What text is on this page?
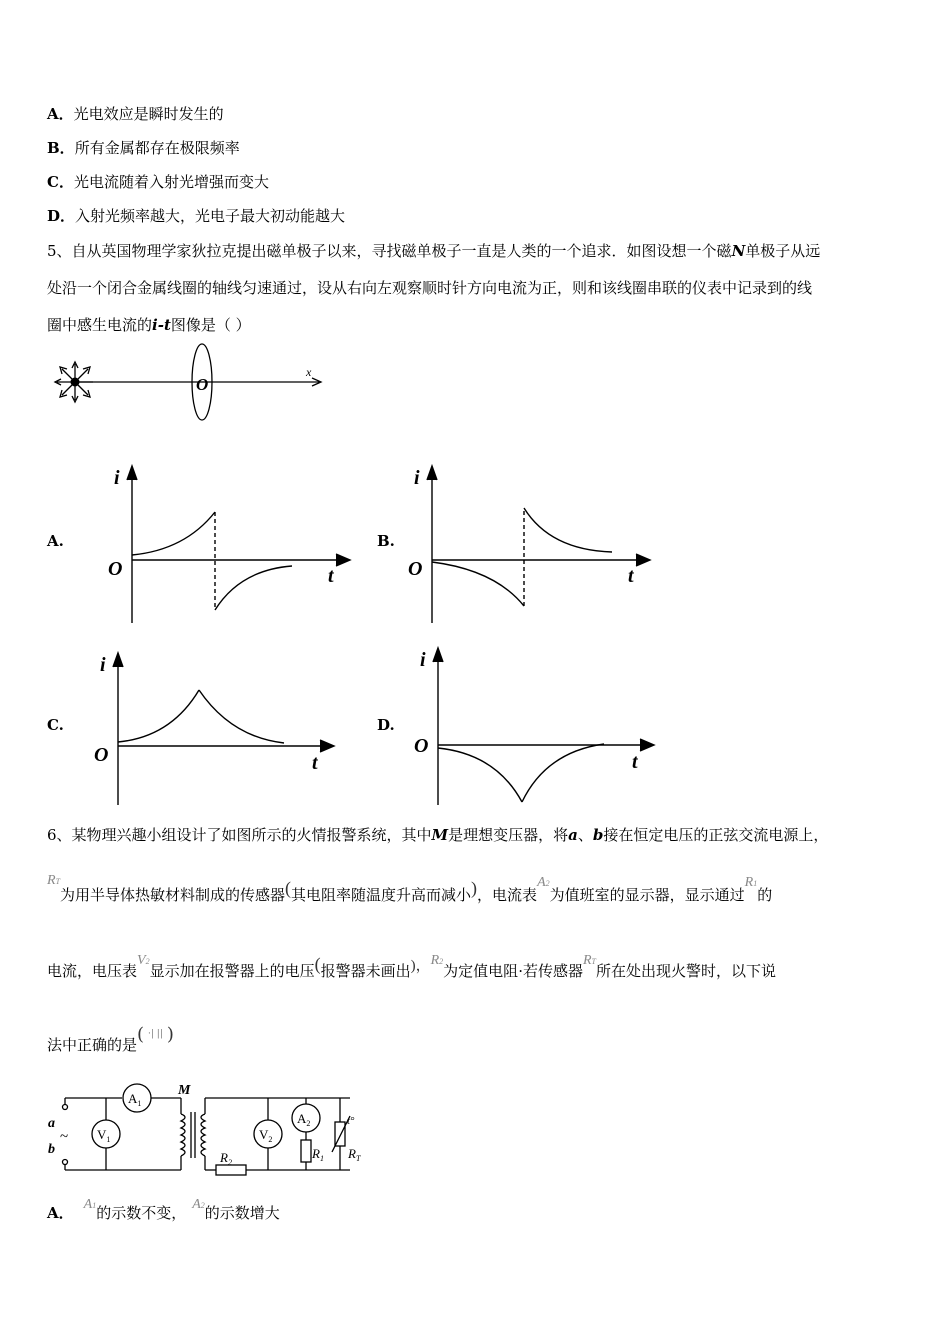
A．光电效应是瞬时发生的
B．所有金属都存在极限频率
C．光电流随着入射光增强而变大
D．入射光频率越大，光电子最大初动能越大
5、自从英国物理学家狄拉克提出磁单极子以来，寻找磁单极子一直是人类的一个追求．如图设想一个磁N单极子从远
处沿一个闭合金属线圈的轴线匀速通过，设从右向左观察顺时针方向电流为正，则和该线圈串联的仪表中记录到的线
圈中感生电流的i-t图像是（ ）
O
x
A.
i
t
O
B.
i
t
O
C.
i
t
O
D.
i
t
O
6、某物理兴趣小组设计了如图所示的火情报警系统，其中M是理想变压器，将a、b接在恒定电压的正弦交流电源上，
RT为用半导体热敏材料制成的传感器(其电阻率随温度升高而减小)，电流表A2为值班室的显示器，显示通过R1的
电流，电压表V2显示加在报警器上的电压(报警器未画出)，R2为定值电阻·若传感器RT所在处出现火警时，以下说
法中正确的是( ·| || )
a
b
~
$A_1$
$V_1$
M
$V_2$
$A_2$
$R_2$
$R_1$ $R_T$
t°
A． A1的示数不变， A2的示数增大
